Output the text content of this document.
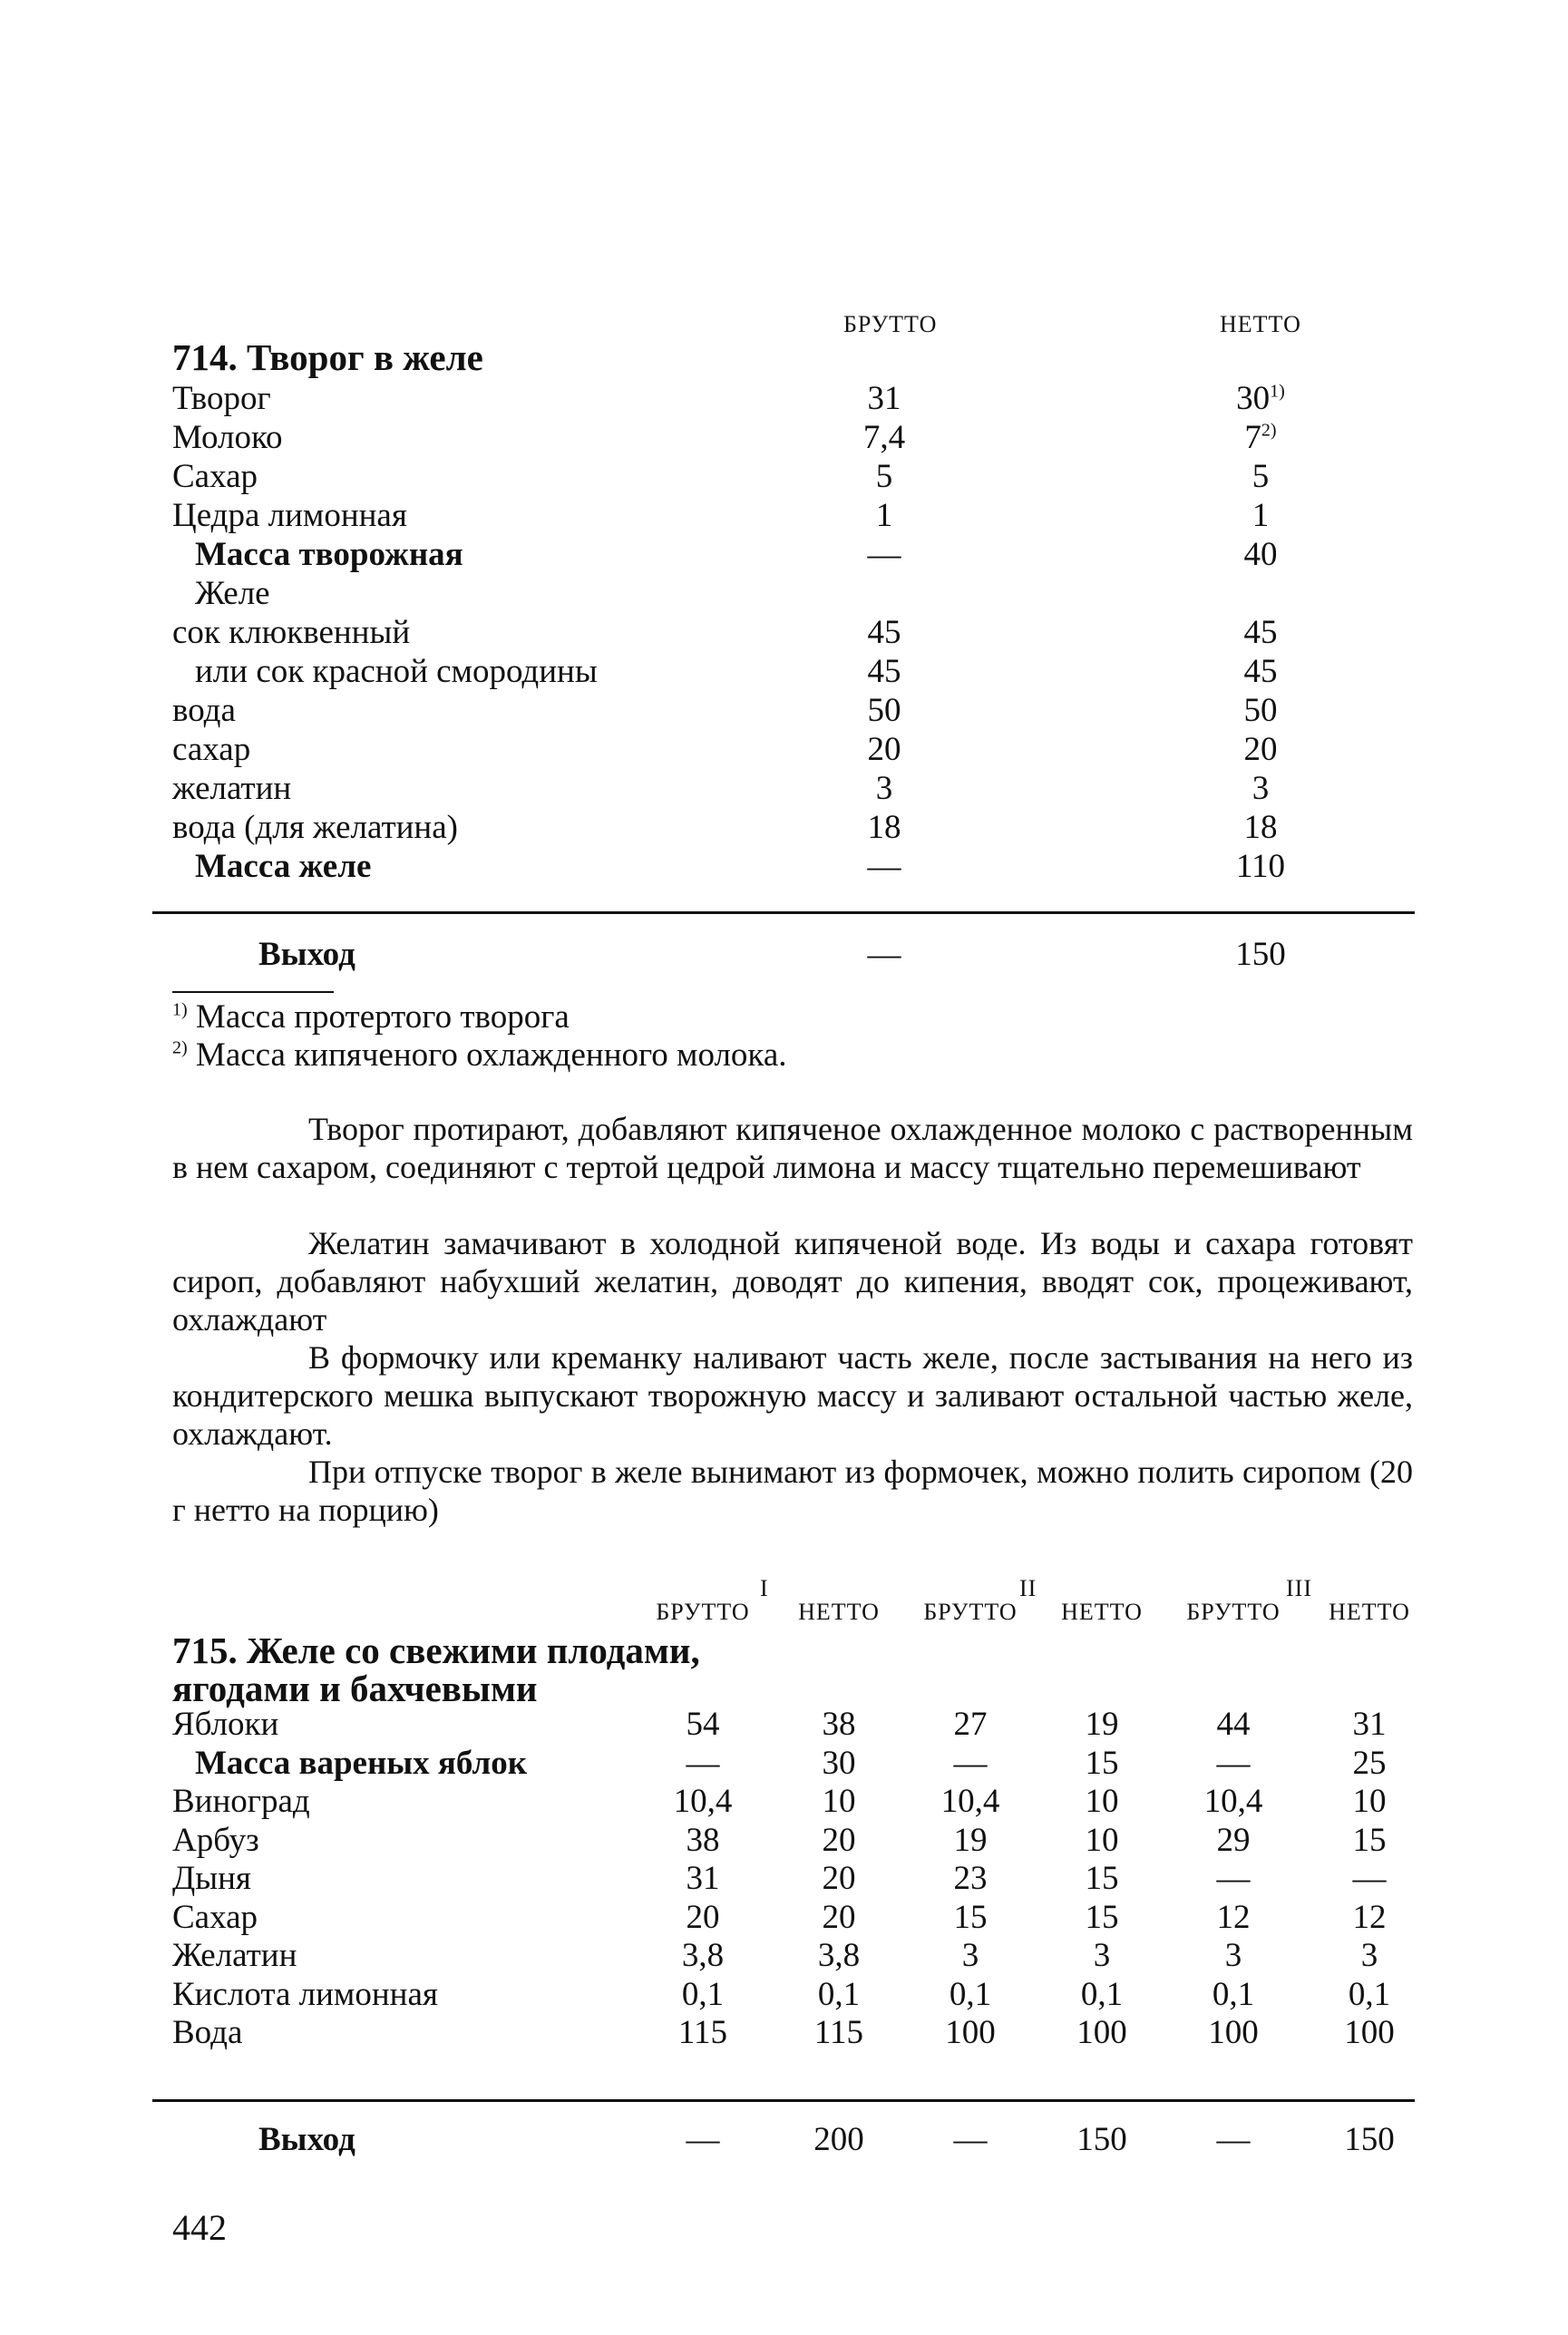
БРУТТО	НЕТТО
714. Творог в желе
Творог	31	30$^{1)}$
Молоко	7,4	7$^{2)}$
Сахар	5	5
Цедра лимонная	1	1
Масса творожная	—	40
Желе
сок клюквенный	45	45
или сок красной смородины	45	45
вода	50	50
сахар	20	20
желатин	3	3
вода (для желатина)	18	18
Масса желе	—	110
Выход	—	150
$^{1)}$ Масса протертого творога
$^{2)}$ Масса кипяченого охлажденного молока.
Творог протирают, добавляют кипяченое охлажденное молоко с растворенным в нем сахаром, соединяют с тертой цедрой лимона и массу тщательно перемешивают
Желатин замачивают в холодной кипяченой воде. Из воды и сахара готовят сироп, добавляют набухший желатин, доводят до кипения, вводят сок, процеживают, охлаждают
В формочку или креманку наливают часть желе, после застывания на него из кондитерского мешка выпускают творожную массу и заливают остальной частью желе, охлаждают.
При отпуске творог в желе вынимают из формочек, можно полить сиропом (20 г нетто на порцию)
I	II	III
БРУТТО	НЕТТО	БРУТТО	НЕТТО	БРУТТО	НЕТТО
715. Желе со свежими плодами,
ягодами и бахчевыми
Яблоки	54	38	27	19	44	31
Масса вареных яблок	—	30	—	15	—	25
Виноград	10,4	10	10,4	10	10,4	10
Арбуз	38	20	19	10	29	15
Дыня	31	20	23	15	—	—
Сахар	20	20	15	15	12	12
Желатин	3,8	3,8	3	3	3	3
Кислота лимонная	0,1	0,1	0,1	0,1	0,1	0,1
Вода	115	115	100	100	100	100
Выход	—	200	—	150	—	150
442
